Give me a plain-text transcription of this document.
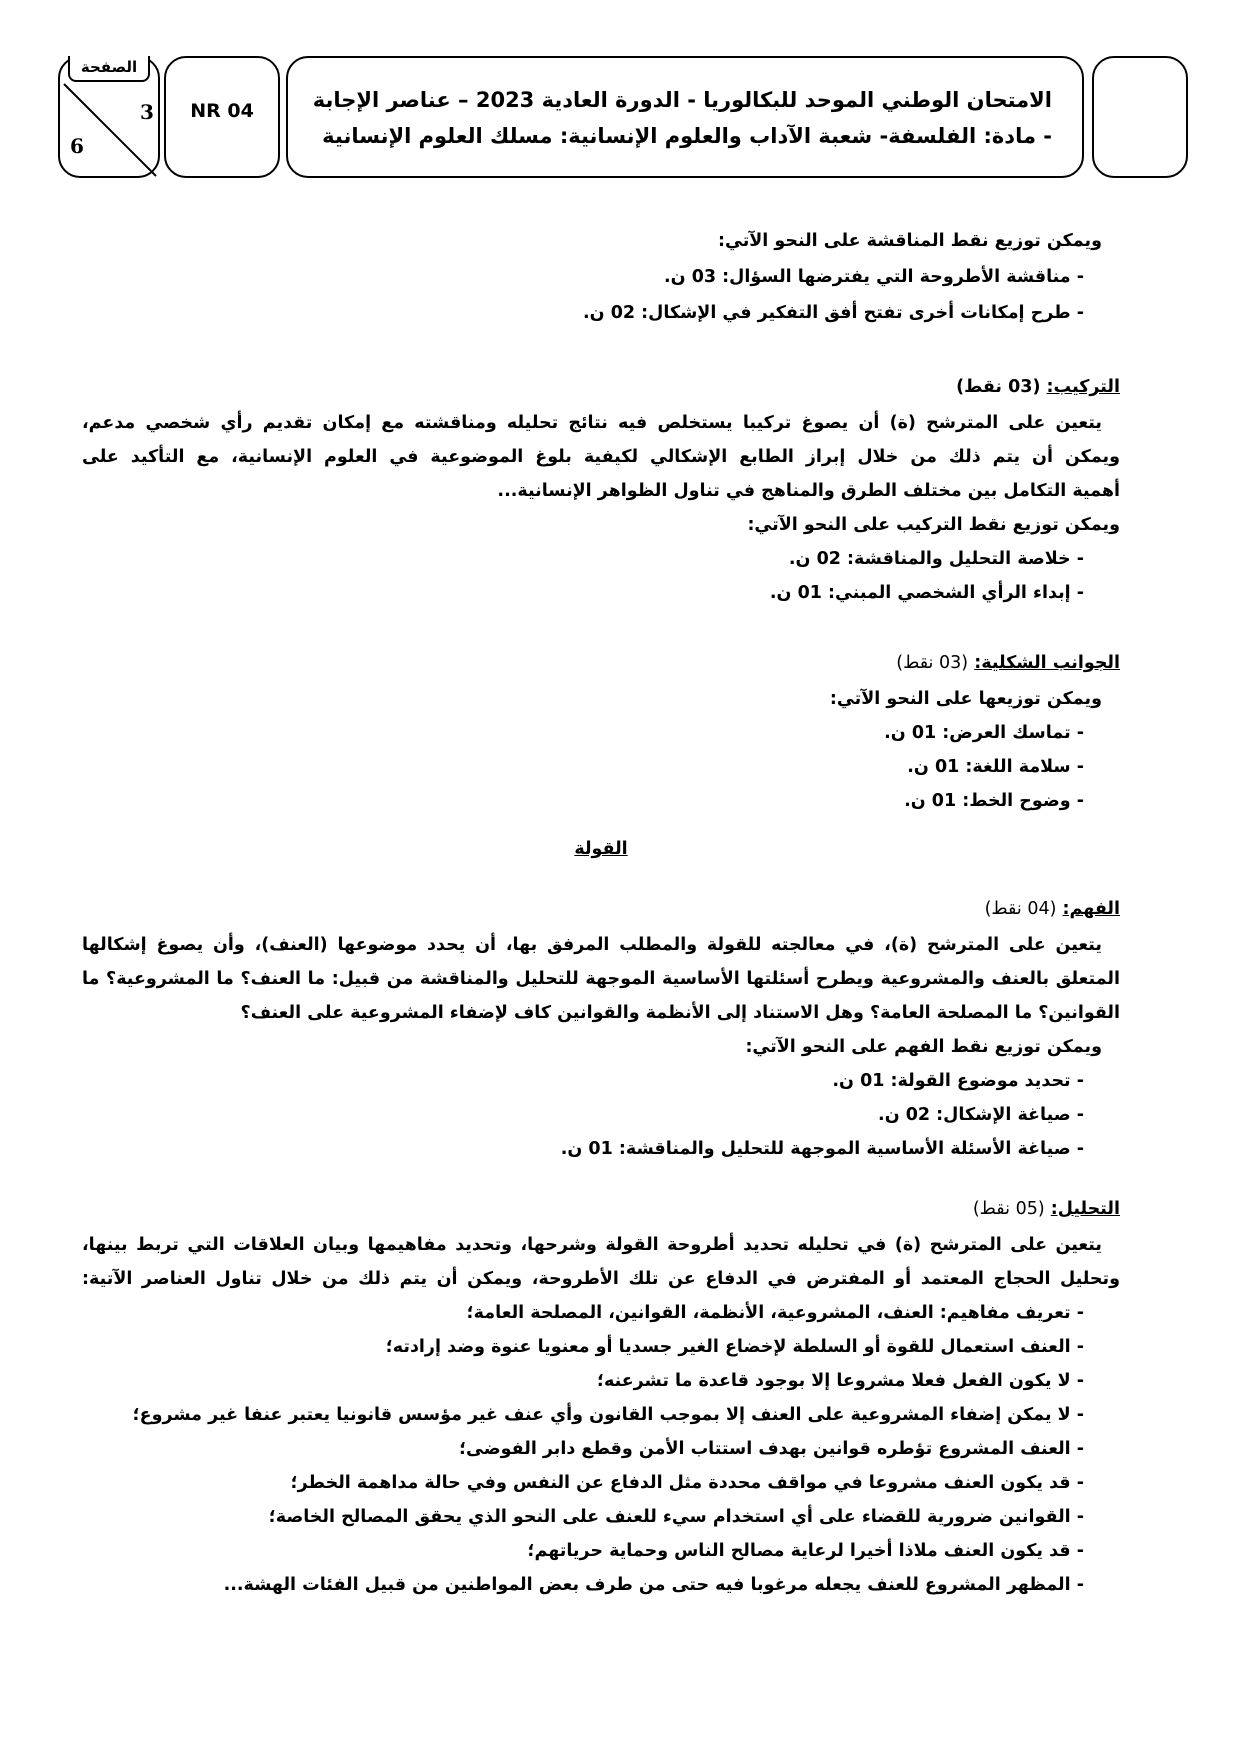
الامتحان الوطني الموحد للبكالوريا - الدورة العادية 2023 – عناصر الإجابة
- مادة: الفلسفة- شعبة الآداب والعلوم الإنسانية: مسلك العلوم الإنسانية
NR 04
الصفحة
3
6
ويمكن توزيع نقط المناقشة على النحو الآتي:
- مناقشة الأطروحة التي يفترضها السؤال: 03 ن.
- طرح إمكانات أخرى تفتح أفق التفكير في الإشكال: 02 ن.
التركيب: (03 نقط)
يتعين على المترشح (ة) أن يصوغ تركيبا يستخلص فيه نتائج تحليله ومناقشته مع إمكان تقديم رأي شخصي مدعم،
ويمكن أن يتم ذلك من خلال إبراز الطابع الإشكالي لكيفية بلوغ الموضوعية في العلوم الإنسانية، مع التأكيد على
أهمية التكامل بين مختلف الطرق والمناهج في تناول الظواهر الإنسانية...
ويمكن توزيع نقط التركيب على النحو الآتي:
- خلاصة التحليل والمناقشة: 02 ن.
- إبداء الرأي الشخصي المبني: 01 ن.
الجوانب الشكلية: (03 نقط)
ويمكن توزيعها على النحو الآتي:
- تماسك العرض: 01 ن.
- سلامة اللغة: 01 ن.
- وضوح الخط: 01 ن.
القولة
الفهم: (04 نقط)
يتعين على المترشح (ة)، في معالجته للقولة والمطلب المرفق بها، أن يحدد موضوعها (العنف)، وأن يصوغ إشكالها
المتعلق بالعنف والمشروعية ويطرح أسئلتها الأساسية الموجهة للتحليل والمناقشة من قبيل: ما العنف؟ ما المشروعية؟ ما
القوانين؟ ما المصلحة العامة؟ وهل الاستناد إلى الأنظمة والقوانين كاف لإضفاء المشروعية على العنف؟
ويمكن توزيع نقط الفهم على النحو الآتي:
- تحديد موضوع القولة: 01 ن.
- صياغة الإشكال: 02 ن.
- صياغة الأسئلة الأساسية الموجهة للتحليل والمناقشة: 01 ن.
التحليل: (05 نقط)
يتعين على المترشح (ة) في تحليله تحديد أطروحة القولة وشرحها، وتحديد مفاهيمها وبيان العلاقات التي تربط بينها،
وتحليل الحجاج المعتمد أو المفترض في الدفاع عن تلك الأطروحة، ويمكن أن يتم ذلك من خلال تناول العناصر الآتية:
- تعريف مفاهيم: العنف، المشروعية، الأنظمة، القوانين، المصلحة العامة؛
- العنف استعمال للقوة أو السلطة لإخضاع الغير جسديا أو معنويا عنوة وضد إرادته؛
- لا يكون الفعل فعلا مشروعا إلا بوجود قاعدة ما تشرعنه؛
- لا يمكن إضفاء المشروعية على العنف إلا بموجب القانون وأي عنف غير مؤسس قانونيا يعتبر عنفا غير مشروع؛
- العنف المشروع تؤطره قوانين بهدف استتاب الأمن وقطع دابر الفوضى؛
- قد يكون العنف مشروعا في مواقف محددة مثل الدفاع عن النفس وفي حالة مداهمة الخطر؛
- القوانين ضرورية للقضاء على أي استخدام سيء للعنف على النحو الذي يحقق المصالح الخاصة؛
- قد يكون العنف ملاذا أخيرا لرعاية مصالح الناس وحماية حرياتهم؛
- المظهر المشروع للعنف يجعله مرغوبا فيه حتى من طرف بعض المواطنين من قبيل الفئات الهشة...
